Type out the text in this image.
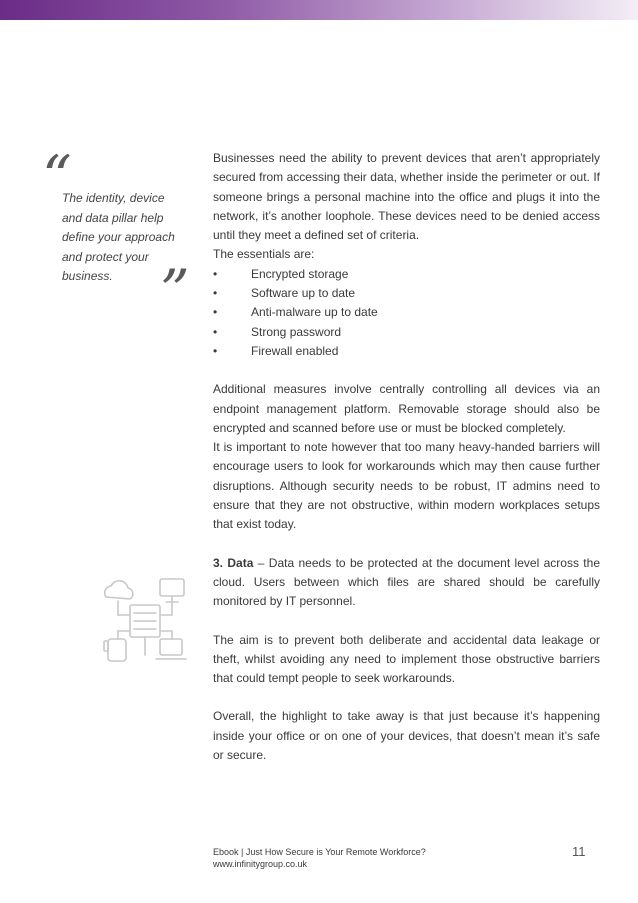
“
The identity, device and data pillar help define your approach and protect your business. ”

Businesses need the ability to prevent devices that aren’t appropriately secured from accessing their data, whether inside the perimeter or out. If someone brings a personal machine into the office and plugs it into the network, it’s another loophole. These devices need to be denied access until they meet a defined set of criteria.

The essentials are:
•	Encrypted storage
•	Software up to date
•	Anti-malware up to date
•	Strong password
•	Firewall enabled

Additional measures involve centrally controlling all devices via an endpoint management platform. Removable storage should also be encrypted and scanned before use or must be blocked completely.

It is important to note however that too many heavy-handed barriers will encourage users to look for workarounds which may then cause further disruptions. Although security needs to be robust, IT admins need to ensure that they are not obstructive, within modern workplaces setups that exist today.

3. Data – Data needs to be protected at the document level across the cloud. Users between which files are shared should be carefully monitored by IT personnel.

The aim is to prevent both deliberate and accidental data leakage or theft, whilst avoiding any need to implement those obstructive barriers that could tempt people to seek workarounds.

Overall, the highlight to take away is that just because it’s happening inside your office or on one of your devices, that doesn’t mean it’s safe or secure.

Ebook | Just How Secure is Your Remote Workforce?
www.infinitygroup.co.uk
11
